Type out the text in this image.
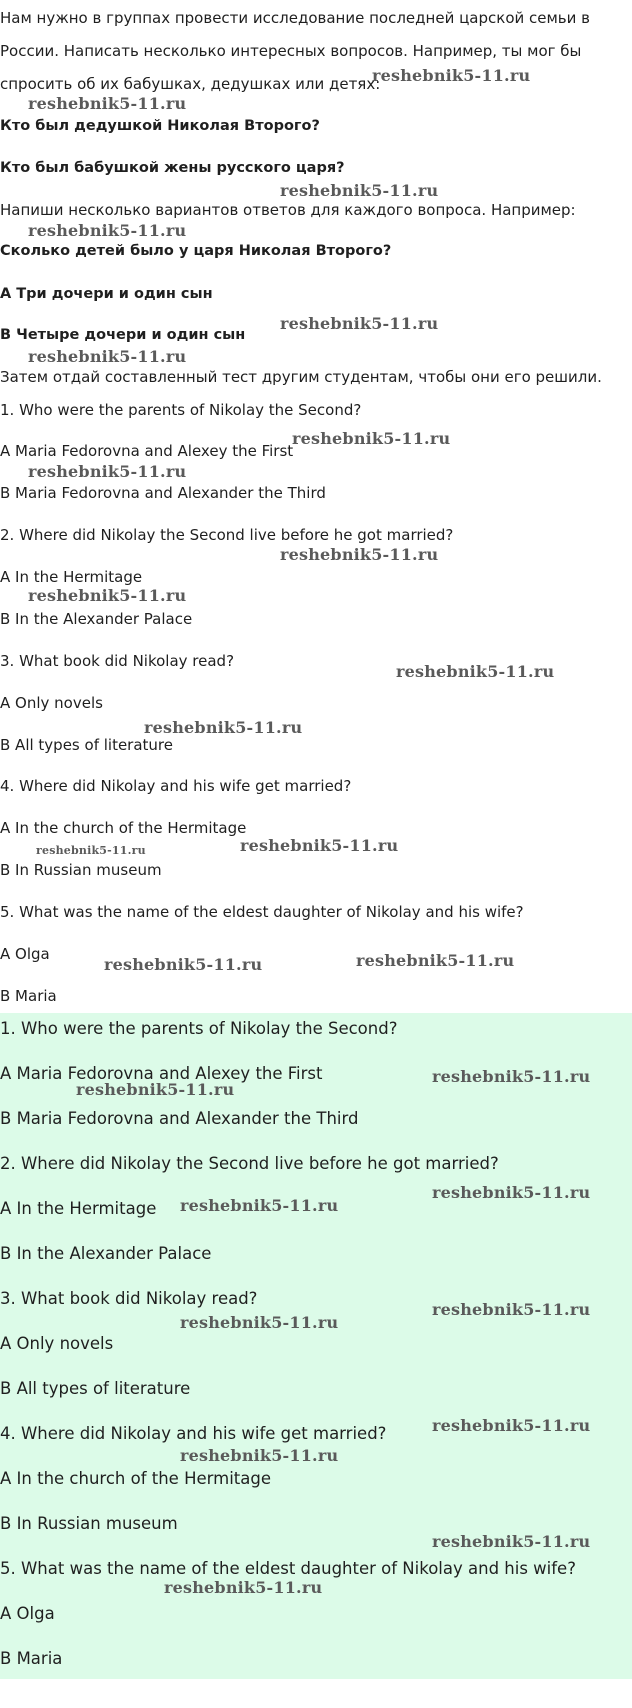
Нам нужно в группах провести исследование последней царской семьи в

России. Написать несколько интересных вопросов. Например, ты мог бы

спросить об их бабушках, дедушках или детях:

Кто был дедушкой Николая Второго?

Кто был бабушкой жены русского царя?

Напиши несколько вариантов ответов для каждого вопроса. Например:

Сколько детей было у царя Николая Второго?

A Три дочери и один сын

B Четыре дочери и один сын

Затем отдай составленный тест другим студентам, чтобы они его решили.

1. Who were the parents of Nikolay the Second?

A Maria Fedorovna and Alexey the First

B Maria Fedorovna and Alexander the Third

2. Where did Nikolay the Second live before he got married?

A In the Hermitage

B In the Alexander Palace

3. What book did Nikolay read?

A Only novels

B All types of literature

4. Where did Nikolay and his wife get married?

A In the church of the Hermitage

B In Russian museum

5. What was the name of the eldest daughter of Nikolay and his wife?

A Olga

B Maria

1. Who were the parents of Nikolay the Second?

A Maria Fedorovna and Alexey the First

B Maria Fedorovna and Alexander the Third

2. Where did Nikolay the Second live before he got married?

A In the Hermitage

B In the Alexander Palace

3. What book did Nikolay read?

A Only novels

B All types of literature

4. Where did Nikolay and his wife get married?

A In the church of the Hermitage

B In Russian museum

5. What was the name of the eldest daughter of Nikolay and his wife?

A Olga

B Maria

reshebnik5-11.ru
reshebnik5-11.ru
reshebnik5-11.ru
reshebnik5-11.ru
reshebnik5-11.ru
reshebnik5-11.ru
reshebnik5-11.ru
reshebnik5-11.ru
reshebnik5-11.ru
reshebnik5-11.ru
reshebnik5-11.ru
reshebnik5-11.ru
reshebnik5-11.ru	reshebnik5-11.ru
reshebnik5-11.ru	reshebnik5-11.ru
reshebnik5-11.ru
reshebnik5-11.ru
reshebnik5-11.ru
reshebnik5-11.ru
reshebnik5-11.ru
reshebnik5-11.ru
reshebnik5-11.ru
reshebnik5-11.ru
reshebnik5-11.ru
reshebnik5-11.ru
